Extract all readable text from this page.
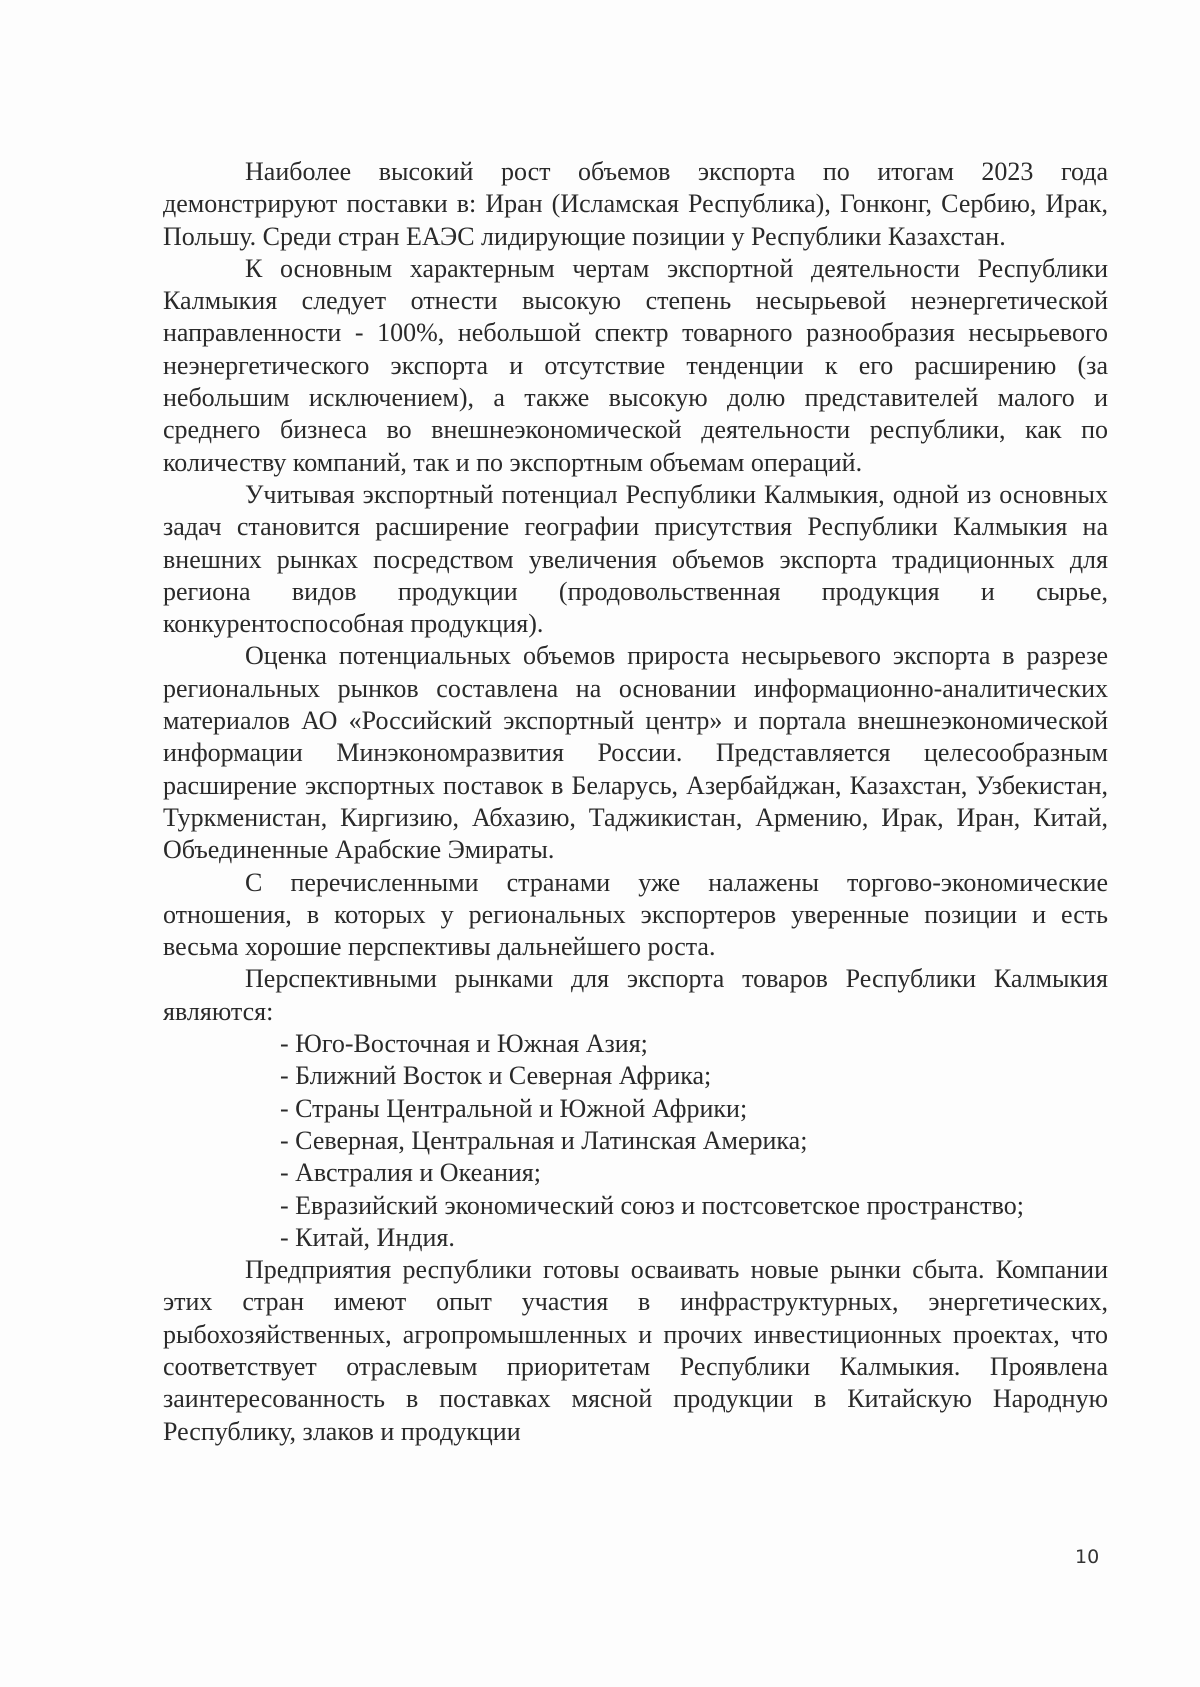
Наиболее высокий рост объемов экспорта по итогам 2023 года демонстрируют поставки в: Иран (Исламская Республика), Гонконг, Сербию, Ирак, Польшу. Среди стран ЕАЭС лидирующие позиции у Республики Казахстан.

К основным характерным чертам экспортной деятельности Республики Калмыкия следует отнести высокую степень несырьевой неэнергетической направленности - 100%, небольшой спектр товарного разнообразия несырьевого неэнергетического экспорта и отсутствие тенденции к его расширению (за небольшим исключением), а также высокую долю представителей малого и среднего бизнеса во внешнеэкономической деятельности республики, как по количеству компаний, так и по экспортным объемам операций.

Учитывая экспортный потенциал Республики Калмыкия, одной из основных задач становится расширение географии присутствия Республики Калмыкия на внешних рынках посредством увеличения объемов экспорта традиционных для региона видов продукции (продовольственная продукция и сырье, конкурентоспособная продукция).

Оценка потенциальных объемов прироста несырьевого экспорта в разрезе региональных рынков составлена на основании информационно-аналитических материалов АО «Российский экспортный центр» и портала внешнеэкономической информации Минэкономразвития России. Представляется целесообразным расширение экспортных поставок в Беларусь, Азербайджан, Казахстан, Узбекистан, Туркменистан, Киргизию, Абхазию, Таджикистан, Армению, Ирак, Иран, Китай, Объединенные Арабские Эмираты.

С перечисленными странами уже налажены торгово-экономические отношения, в которых у региональных экспортеров уверенные позиции и есть весьма хорошие перспективы дальнейшего роста.

Перспективными рынками для экспорта товаров Республики Калмыкия являются:

- Юго-Восточная и Южная Азия;
- Ближний Восток и Северная Африка;
- Страны Центральной и Южной Африки;
- Северная, Центральная и Латинская Америка;
- Австралия и Океания;
- Евразийский экономический союз и постсоветское пространство;
- Китай, Индия.

Предприятия республики готовы осваивать новые рынки сбыта. Компании этих стран имеют опыт участия в инфраструктурных, энергетических, рыбохозяйственных, агропромышленных и прочих инвестиционных проектах, что соответствует отраслевым приоритетам Республики Калмыкия. Проявлена заинтересованность в поставках мясной продукции в Китайскую Народную Республику, злаков и продукции

10
